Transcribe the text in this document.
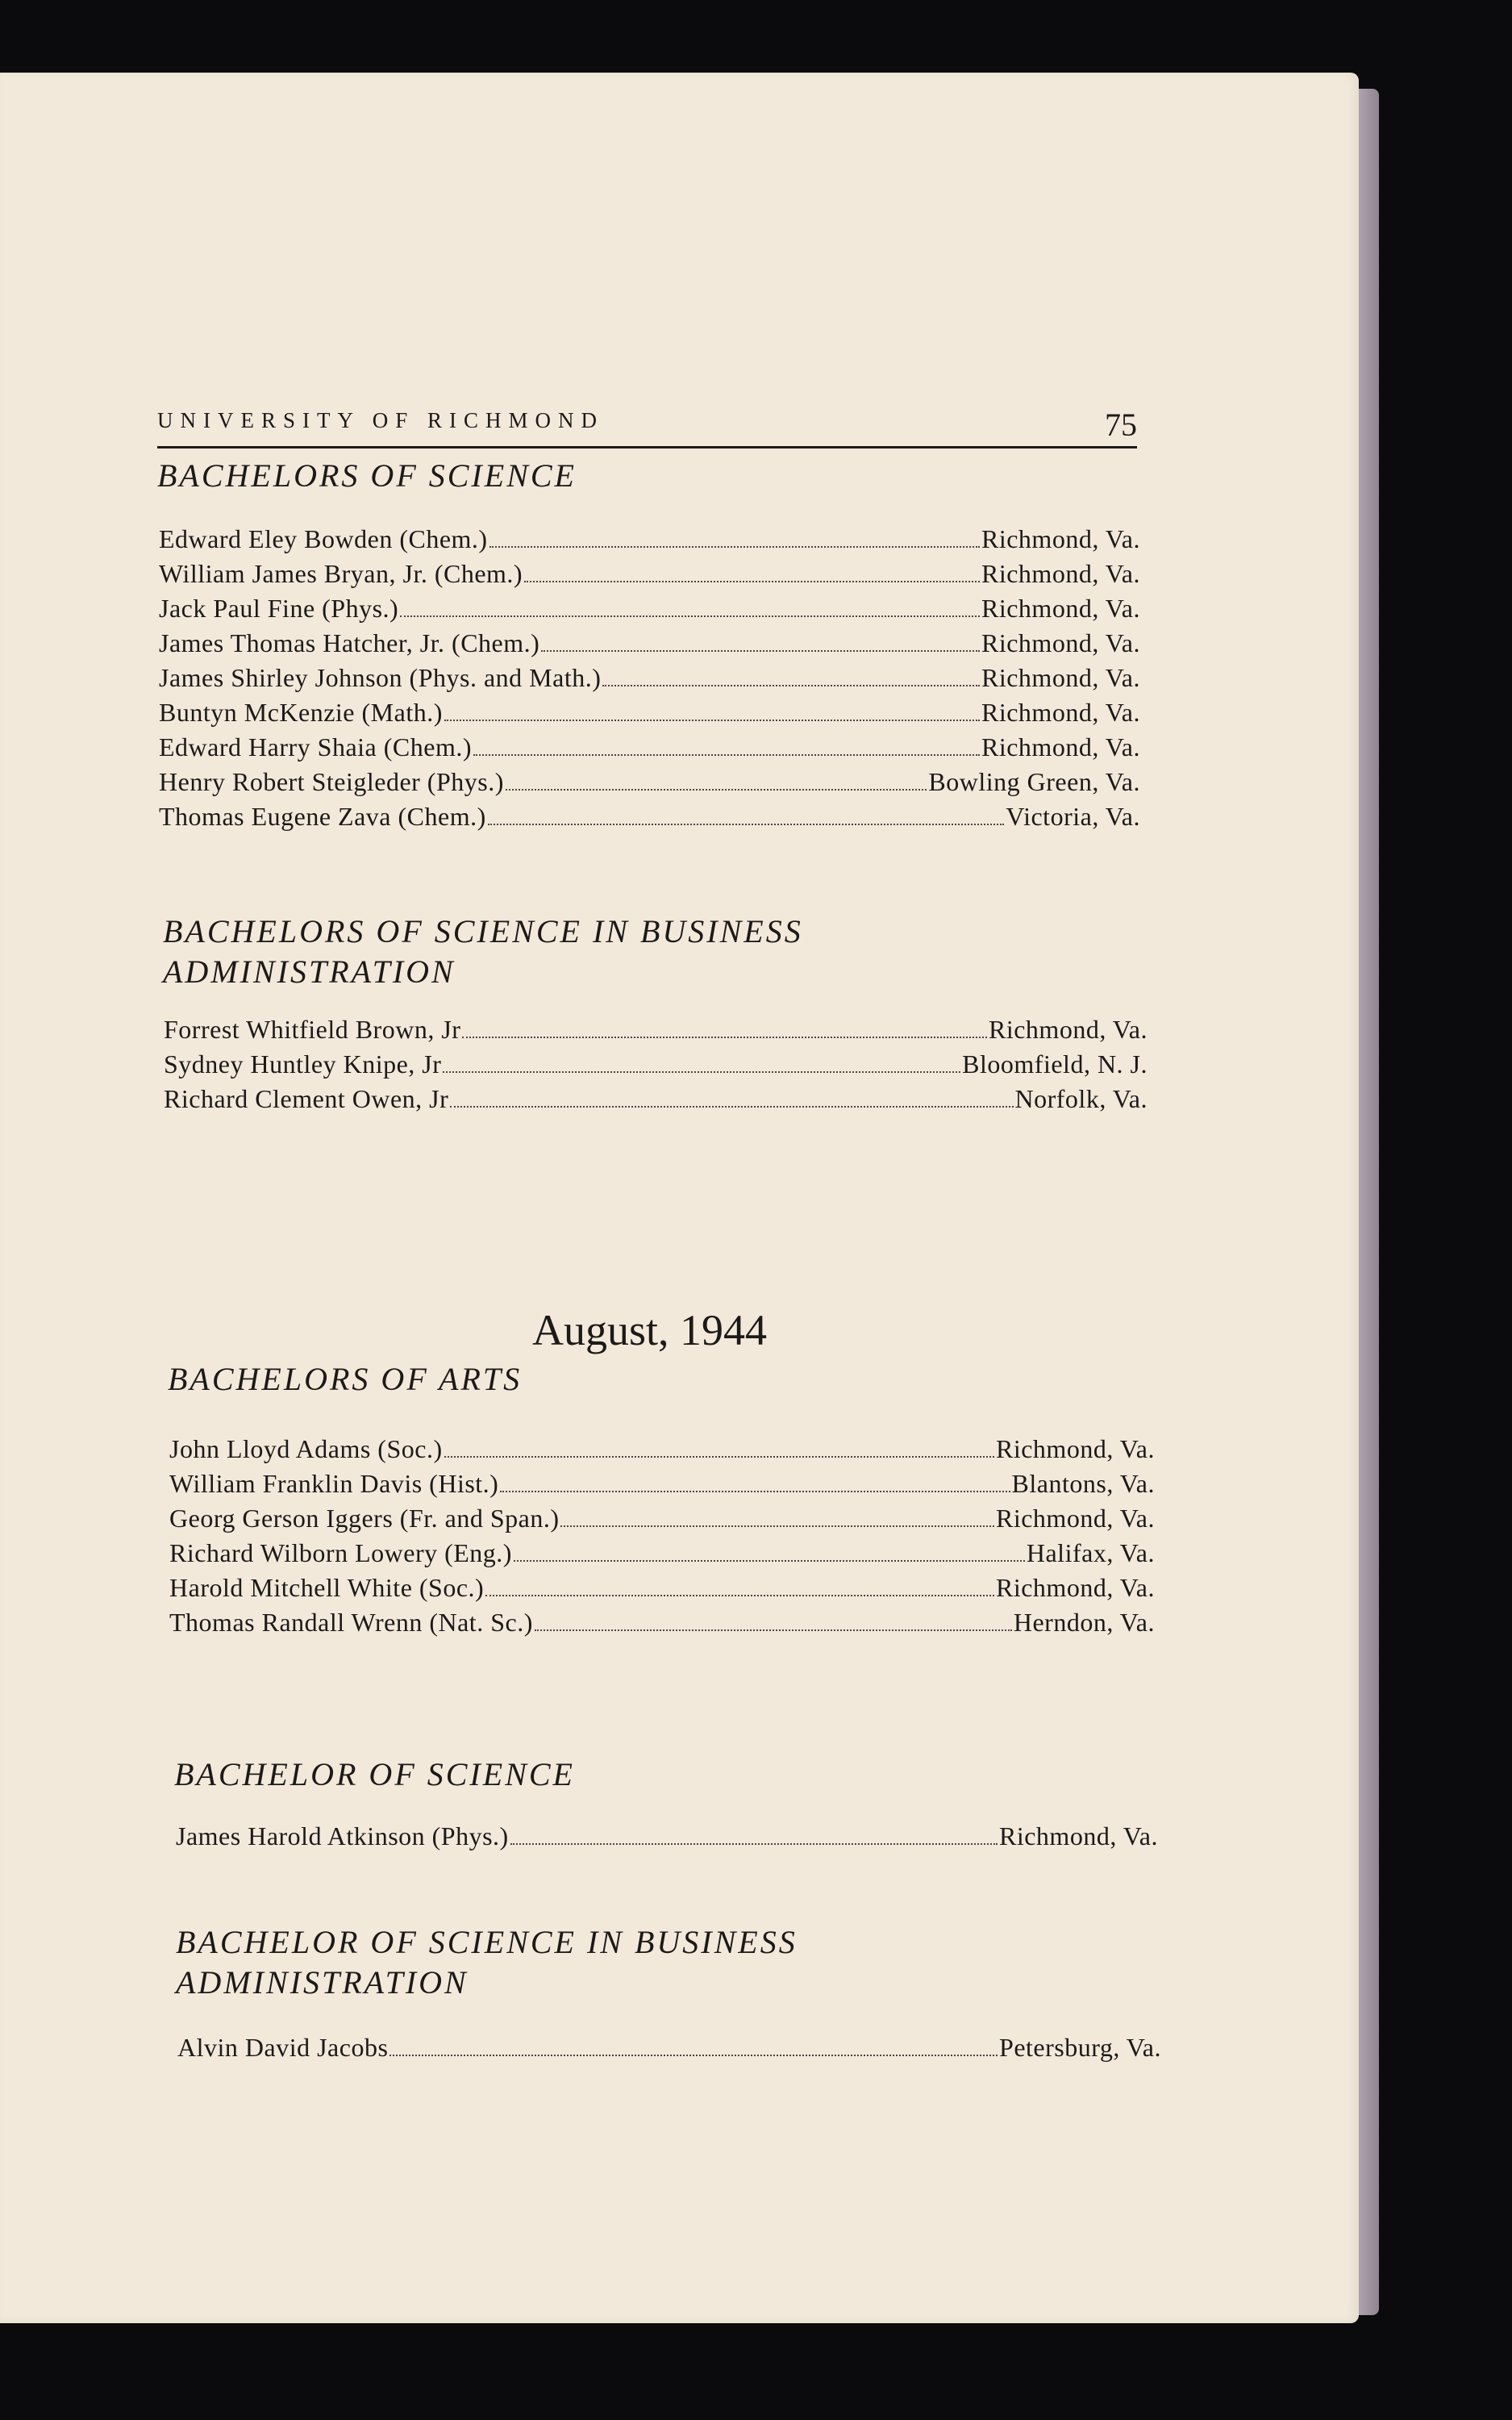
UNIVERSITY OF RICHMOND	75
BACHELORS OF SCIENCE
Edward Eley Bowden (Chem.)	Richmond, Va.
William James Bryan, Jr. (Chem.)	Richmond, Va.
Jack Paul Fine (Phys.)	Richmond, Va.
James Thomas Hatcher, Jr. (Chem.)	Richmond, Va.
James Shirley Johnson (Phys. and Math.)	Richmond, Va.
Buntyn McKenzie (Math.)	Richmond, Va.
Edward Harry Shaia (Chem.)	Richmond, Va.
Henry Robert Steigleder (Phys.)	Bowling Green, Va.
Thomas Eugene Zava (Chem.)	Victoria, Va.
BACHELORS OF SCIENCE IN BUSINESS
ADMINISTRATION
Forrest Whitfield Brown, Jr	Richmond, Va.
Sydney Huntley Knipe, Jr	Bloomfield, N. J.
Richard Clement Owen, Jr	Norfolk, Va.
August, 1944
BACHELORS OF ARTS
John Lloyd Adams (Soc.)	Richmond, Va.
William Franklin Davis (Hist.)	Blantons, Va.
Georg Gerson Iggers (Fr. and Span.)	Richmond, Va.
Richard Wilborn Lowery (Eng.)	Halifax, Va.
Harold Mitchell White (Soc.)	Richmond, Va.
Thomas Randall Wrenn (Nat. Sc.)	Herndon, Va.
BACHELOR OF SCIENCE
James Harold Atkinson (Phys.)	Richmond, Va.
BACHELOR OF SCIENCE IN BUSINESS
ADMINISTRATION
Alvin David Jacobs	Petersburg, Va.
